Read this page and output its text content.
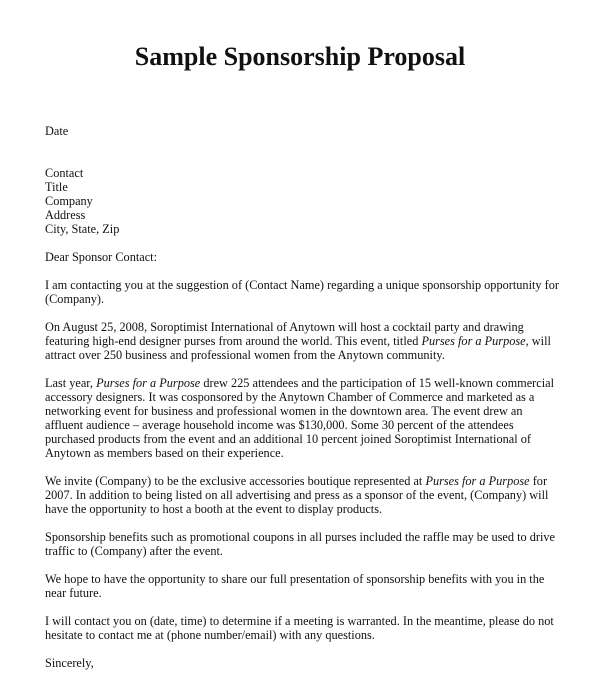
Sample Sponsorship Proposal
Date
Contact
Title
Company
Address
City, State, Zip
Dear Sponsor Contact:
I am contacting you at the suggestion of (Contact Name) regarding a unique sponsorship opportunity for
(Company).
On August 25, 2008, Soroptimist International of Anytown will host a cocktail party and drawing
featuring high-end designer purses from around the world. This event, titled Purses for a Purpose, will
attract over 250 business and professional women from the Anytown community.
Last year, Purses for a Purpose drew 225 attendees and the participation of 15 well-known commercial
accessory designers. It was cosponsored by the Anytown Chamber of Commerce and marketed as a
networking event for business and professional women in the downtown area. The event drew an
affluent audience – average household income was $130,000. Some 30 percent of the attendees
purchased products from the event and an additional 10 percent joined Soroptimist International of
Anytown as members based on their experience.
We invite (Company) to be the exclusive accessories boutique represented at Purses for a Purpose for
2007. In addition to being listed on all advertising and press as a sponsor of the event, (Company) will
have the opportunity to host a booth at the event to display products.
Sponsorship benefits such as promotional coupons in all purses included the raffle may be used to drive
traffic to (Company) after the event.
We hope to have the opportunity to share our full presentation of sponsorship benefits with you in the
near future.
I will contact you on (date, time) to determine if a meeting is warranted. In the meantime, please do not
hesitate to contact me at (phone number/email) with any questions.
Sincerely,
